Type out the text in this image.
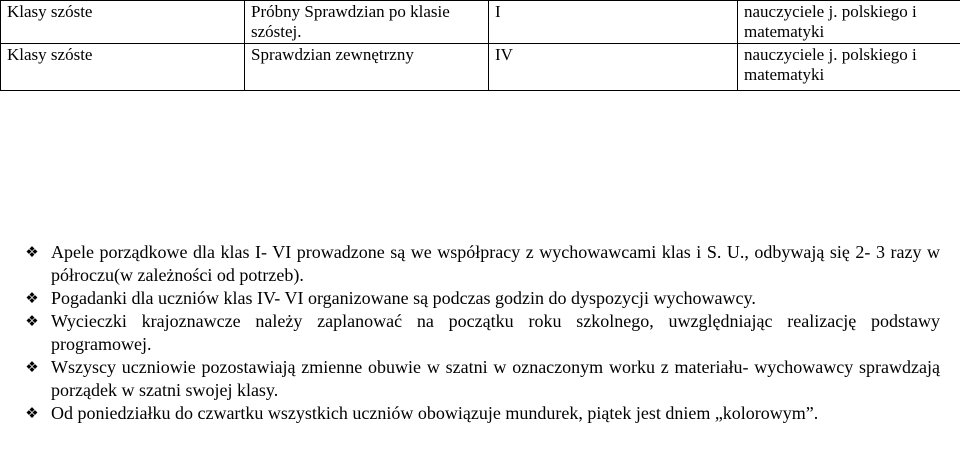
Klasy szóste	Próbny Sprawdzian po klasie szóstej.	I	nauczyciele j. polskiego i matematyki
Klasy szóste	Sprawdzian zewnętrzny	IV	nauczyciele j. polskiego i matematyki
❖ Apele porządkowe dla klas I- VI prowadzone są we współpracy z wychowawcami klas i S. U., odbywają się 2- 3 razy w półroczu(w zależności od potrzeb).
❖ Pogadanki dla uczniów klas IV- VI organizowane są podczas godzin do dyspozycji wychowawcy.
❖ Wycieczki krajoznawcze należy zaplanować na początku roku szkolnego, uwzględniając realizację podstawy programowej.
❖ Wszyscy uczniowie pozostawiają zmienne obuwie w szatni w oznaczonym worku z materiału- wychowawcy sprawdzają porządek w szatni swojej klasy.
❖ Od poniedziałku do czwartku wszystkich uczniów obowiązuje mundurek, piątek jest dniem „kolorowym”.
